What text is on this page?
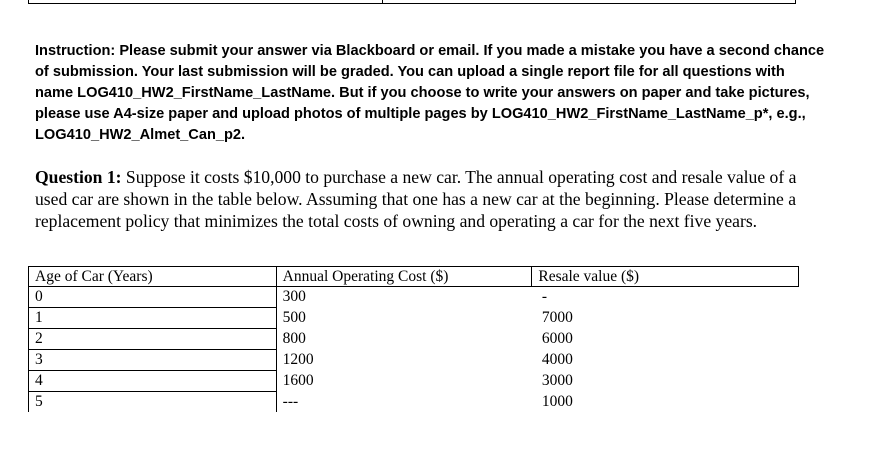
Instruction: Please submit your answer via Blackboard or email. If you made a mistake you have a second chance of submission. Your last submission will be graded. You can upload a single report file for all questions with name LOG410_HW2_FirstName_LastName. But if you choose to write your answers on paper and take pictures, please use A4-size paper and upload photos of multiple pages by LOG410_HW2_FirstName_LastName_p*, e.g., LOG410_HW2_Almet_Can_p2.

Question 1: Suppose it costs $10,000 to purchase a new car. The annual operating cost and resale value of a used car are shown in the table below. Assuming that one has a new car at the beginning. Please determine a replacement policy that minimizes the total costs of owning and operating a car for the next five years.

Age of Car (Years)	Annual Operating Cost ($)	Resale value ($)
0	300	-
1	500	7000
2	800	6000
3	1200	4000
4	1600	3000
5	---	1000
